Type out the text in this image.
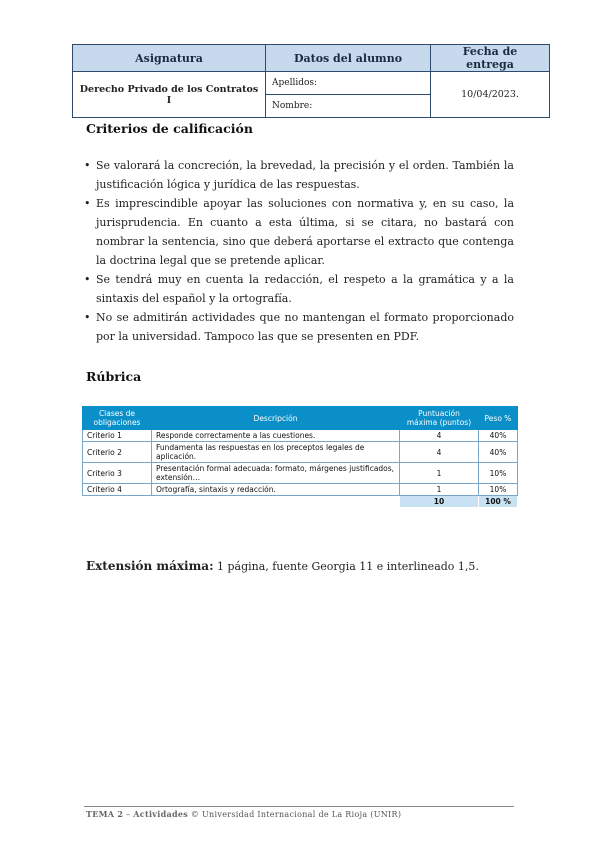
Asignatura	Datos del alumno	Fecha de entrega
Derecho Privado de los Contratos I	Apellidos:	10/04/2023.
	Nombre:	
Criterios de calificación
• Se valorará la concreción, la brevedad, la precisión y el orden. También la justificación lógica y jurídica de las respuestas.
• Es imprescindible apoyar las soluciones con normativa y, en su caso, la jurisprudencia. En cuanto a esta última, si se citara, no bastará con nombrar la sentencia, sino que deberá aportarse el extracto que contenga la doctrina legal que se pretende aplicar.
• Se tendrá muy en cuenta la redacción, el respeto a la gramática y a la sintaxis del español y la ortografía.
• No se admitirán actividades que no mantengan el formato proporcionado por la universidad. Tampoco las que se presenten en PDF.
Rúbrica
Clases de obligaciones	Descripción	Puntuación máxima (puntos)	Peso %
Criterio 1	Responde correctamente a las cuestiones.	4	40%
Criterio 2	Fundamenta las respuestas en los preceptos legales de aplicación.	4	40%
Criterio 3	Presentación formal adecuada: formato, márgenes justificados, extensión…	1	10%
Criterio 4	Ortografía, sintaxis y redacción.	1	10%
		10	100 %
Extensión máxima: 1 página, fuente Georgia 11 e interlineado 1,5.
TEMA 2 – Actividades © Universidad Internacional de La Rioja (UNIR)
